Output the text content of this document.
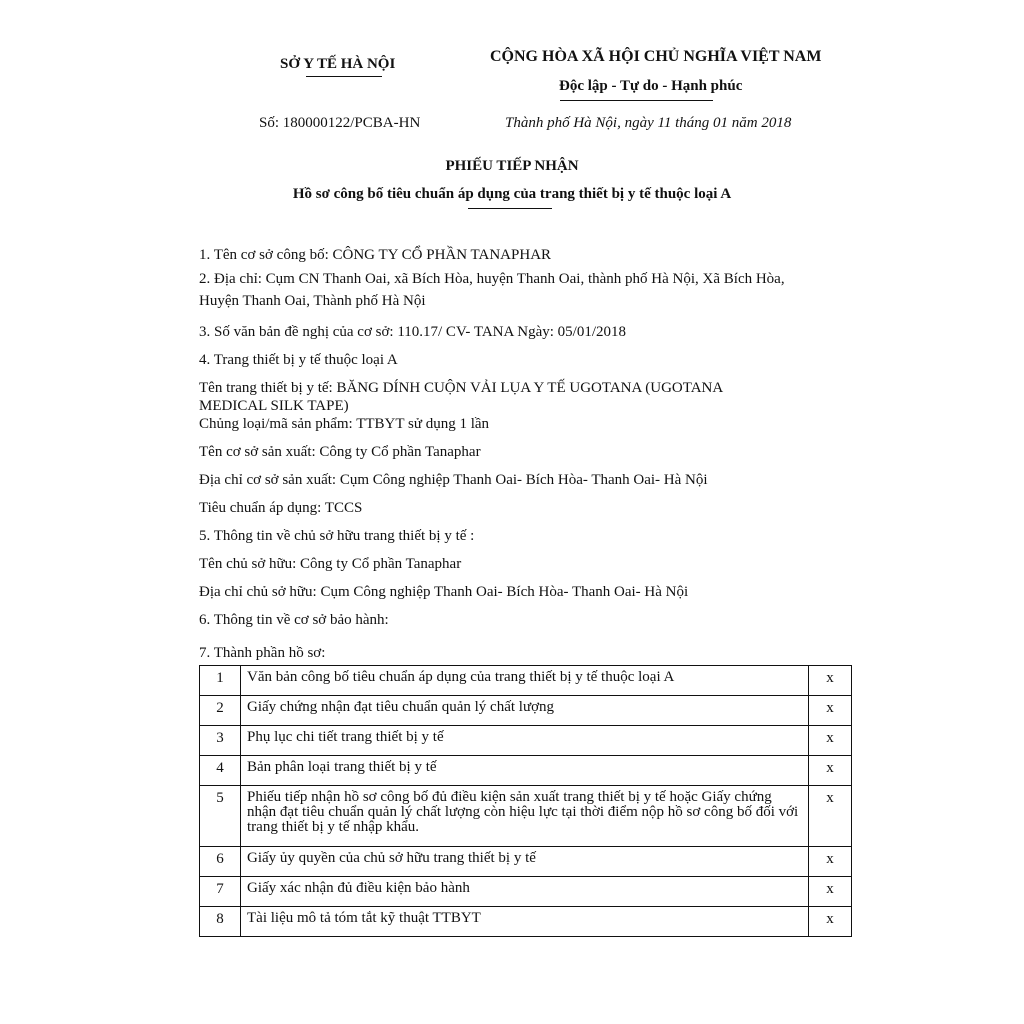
SỞ Y TẾ HÀ NỘI	CỘNG HÒA XÃ HỘI CHỦ NGHĨA VIỆT NAM
Độc lập - Tự do - Hạnh phúc
Số: 180000122/PCBA-HN	Thành phố Hà Nội, ngày 11 tháng 01 năm 2018
PHIẾU TIẾP NHẬN
Hồ sơ công bố tiêu chuẩn áp dụng của trang thiết bị y tế thuộc loại A
1. Tên cơ sở công bố: CÔNG TY CỔ PHẦN TANAPHAR
2. Địa chỉ: Cụm CN Thanh Oai, xã Bích Hòa, huyện Thanh Oai, thành phố Hà Nội, Xã Bích Hòa,
Huyện Thanh Oai, Thành phố Hà Nội
3. Số văn bản đề nghị của cơ sở: 110.17/ CV- TANA Ngày: 05/01/2018
4. Trang thiết bị y tế thuộc loại A
Tên trang thiết bị y tế: BĂNG DÍNH CUỘN VẢI LỤA Y TẾ UGOTANA (UGOTANA
MEDICAL SILK TAPE)
Chủng loại/mã sản phẩm: TTBYT sử dụng 1 lần
Tên cơ sở sản xuất: Công ty Cổ phần Tanaphar
Địa chỉ cơ sở sản xuất: Cụm Công nghiệp Thanh Oai- Bích Hòa- Thanh Oai- Hà Nội
Tiêu chuẩn áp dụng: TCCS
5. Thông tin về chủ sở hữu trang thiết bị y tế :
Tên chủ sở hữu: Công ty Cổ phần Tanaphar
Địa chỉ chủ sở hữu: Cụm Công nghiệp Thanh Oai- Bích Hòa- Thanh Oai- Hà Nội
6. Thông tin về cơ sở bảo hành:
7. Thành phần hồ sơ:
1	Văn bản công bố tiêu chuẩn áp dụng của trang thiết bị y tế thuộc loại A	x
2	Giấy chứng nhận đạt tiêu chuẩn quản lý chất lượng	x
3	Phụ lục chi tiết trang thiết bị y tế	x
4	Bản phân loại trang thiết bị y tế	x
5	Phiếu tiếp nhận hồ sơ công bố đủ điều kiện sản xuất trang thiết bị y tế hoặc Giấy chứng nhận đạt tiêu chuẩn quản lý chất lượng còn hiệu lực tại thời điểm nộp hồ sơ công bố đối với trang thiết bị y tế nhập khẩu.	x
6	Giấy ủy quyền của chủ sở hữu trang thiết bị y tế	x
7	Giấy xác nhận đủ điều kiện bảo hành	x
8	Tài liệu mô tả tóm tắt kỹ thuật TTBYT	x
